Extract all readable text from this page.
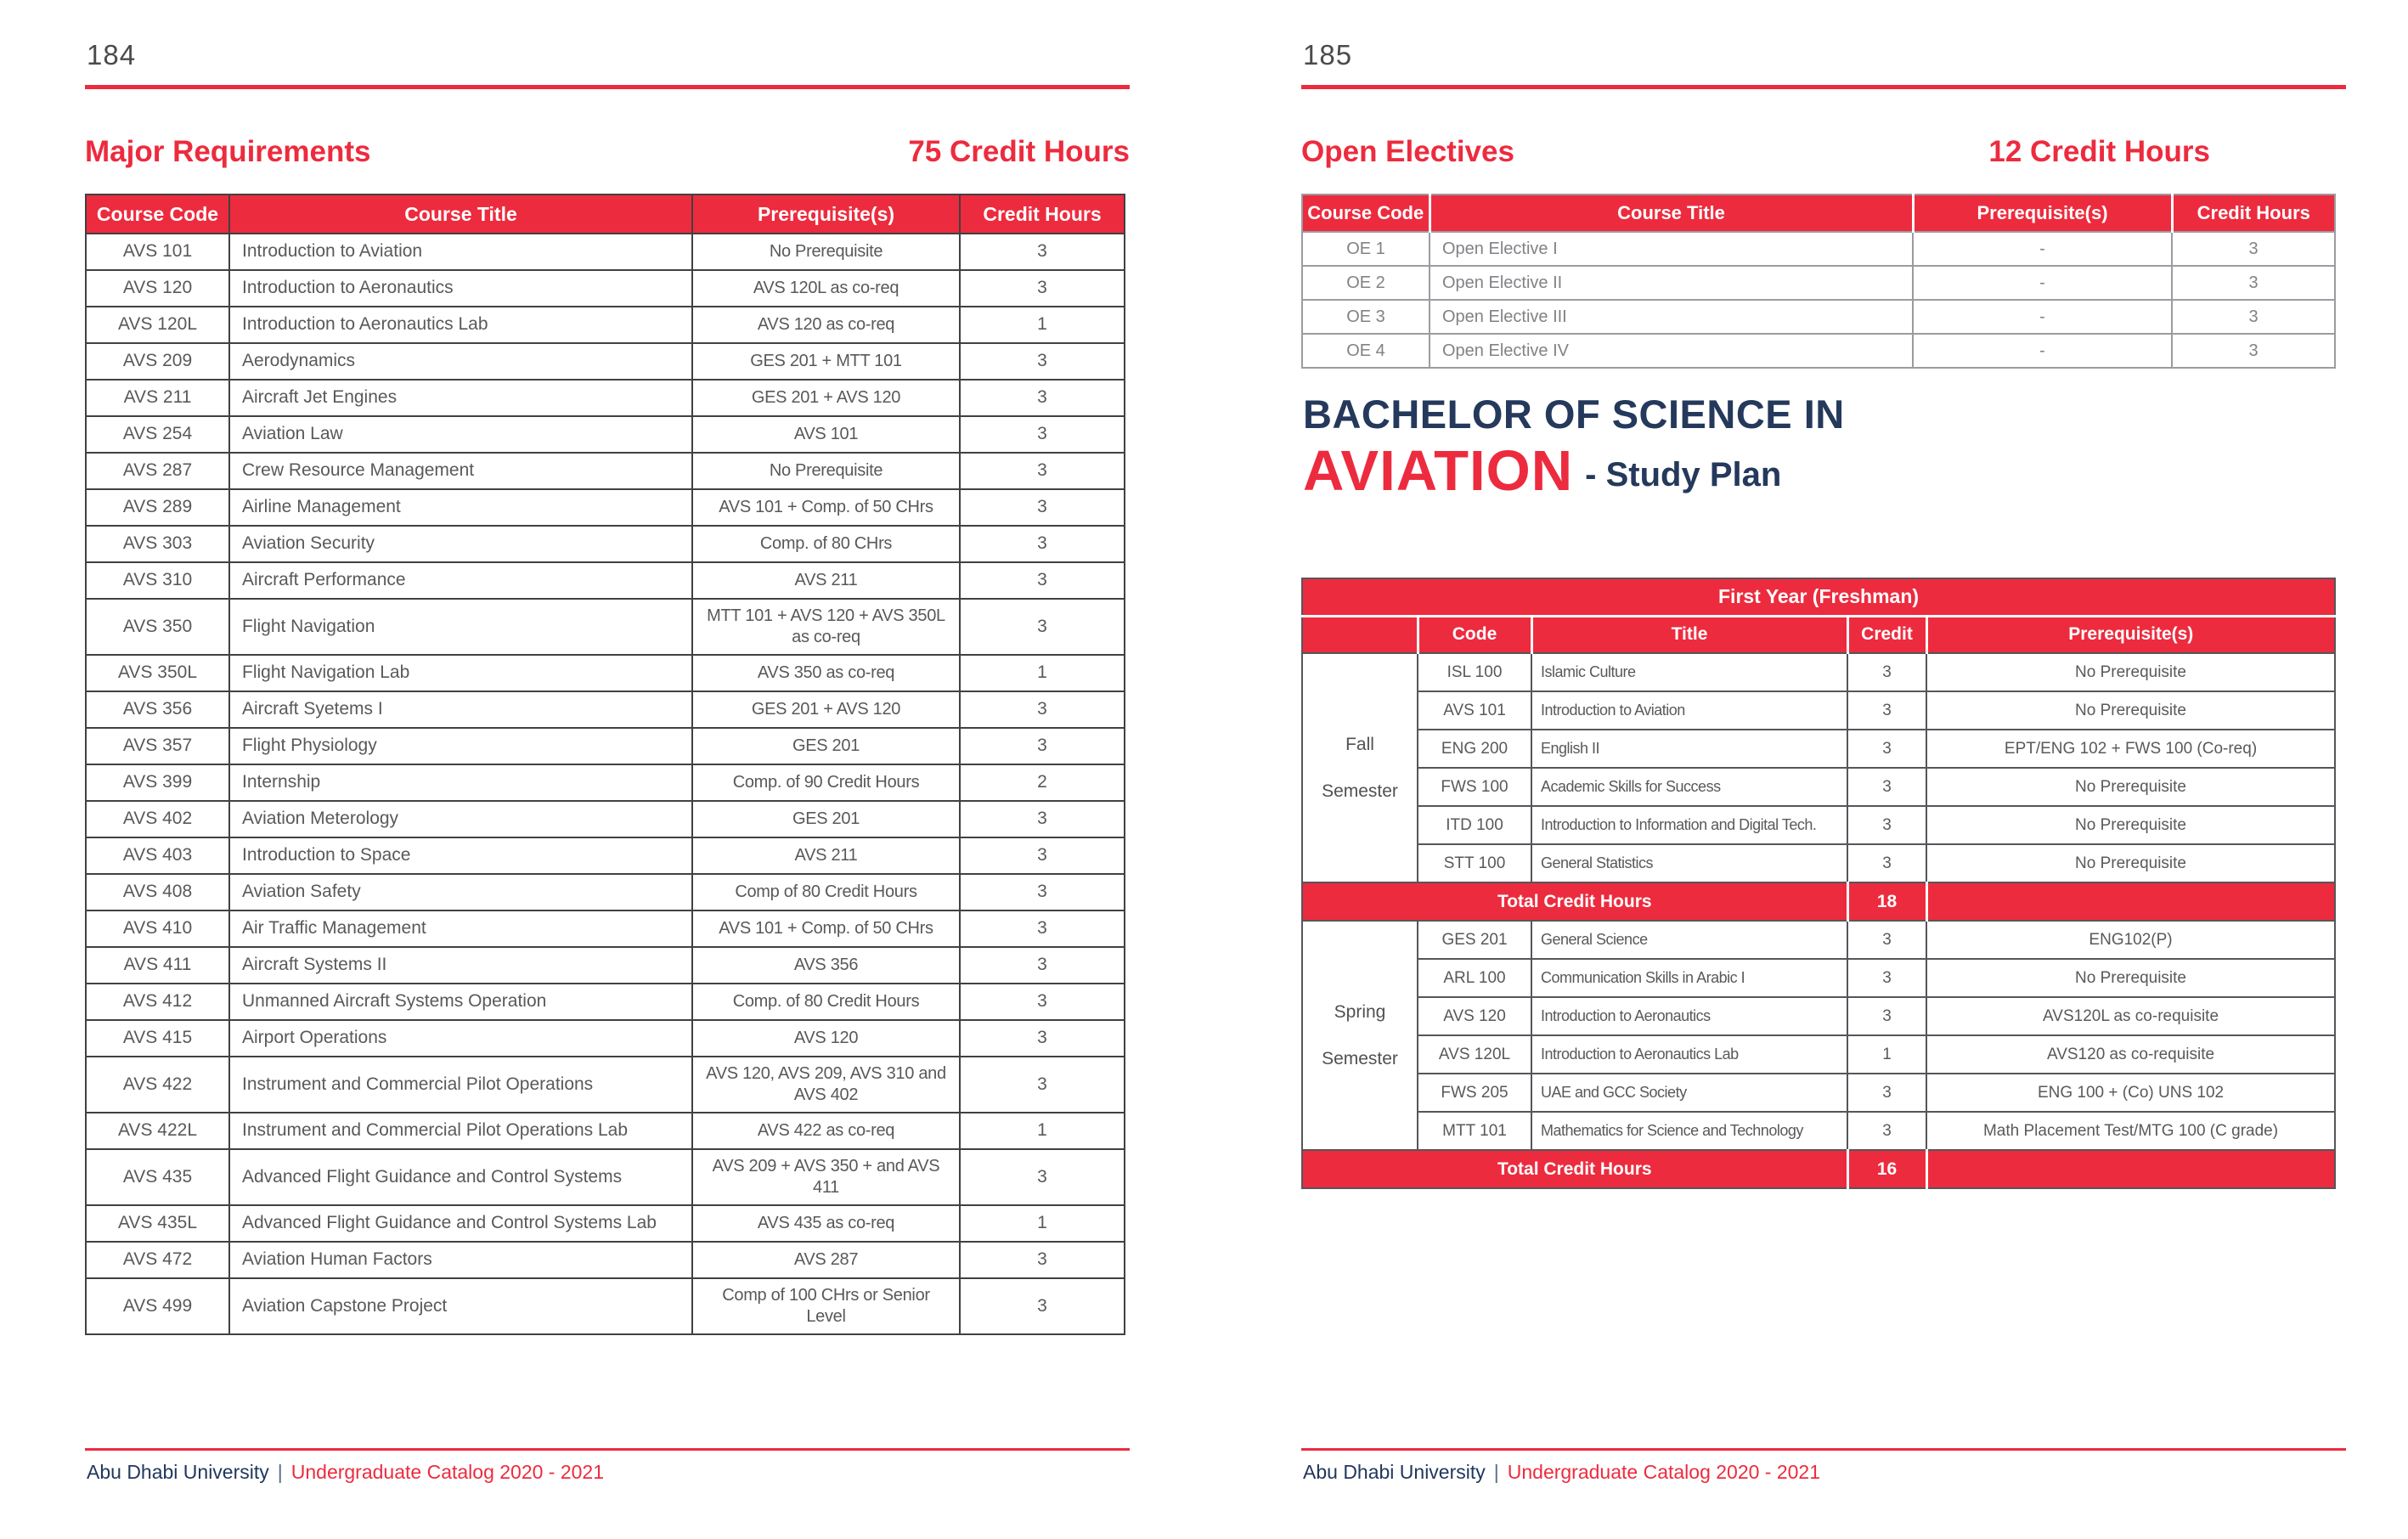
184
Major Requirements	75 Credit Hours
Course Code	Course Title	Prerequisite(s)	Credit Hours
AVS 101	Introduction to Aviation	No Prerequisite	3
AVS 120	Introduction to Aeronautics	AVS 120L as co-req	3
AVS 120L	Introduction to Aeronautics Lab	AVS 120 as co-req	1
AVS 209	Aerodynamics	GES 201 + MTT 101	3
AVS 211	Aircraft Jet Engines	GES 201 + AVS 120	3
AVS 254	Aviation Law	AVS 101	3
AVS 287	Crew Resource Management	No Prerequisite	3
AVS 289	Airline Management	AVS 101 + Comp. of 50 CHrs	3
AVS 303	Aviation Security	Comp. of 80 CHrs	3
AVS 310	Aircraft Performance	AVS 211	3
AVS 350	Flight Navigation	MTT 101 + AVS 120 + AVS 350L as co-req	3
AVS 350L	Flight Navigation Lab	AVS 350 as co-req	1
AVS 356	Aircraft Syetems I	GES 201 + AVS 120	3
AVS 357	Flight Physiology	GES 201	3
AVS 399	Internship	Comp. of 90 Credit Hours	2
AVS 402	Aviation Meterology	GES 201	3
AVS 403	Introduction to Space	AVS 211	3
AVS 408	Aviation Safety	Comp of 80 Credit Hours	3
AVS 410	Air Traffic Management	AVS 101 + Comp. of 50 CHrs	3
AVS 411	Aircraft Systems II	AVS 356	3
AVS 412	Unmanned Aircraft Systems Operation	Comp. of 80 Credit Hours	3
AVS 415	Airport Operations	AVS 120	3
AVS 422	Instrument and Commercial Pilot Operations	AVS 120, AVS 209, AVS 310 and AVS 402	3
AVS 422L	Instrument and Commercial Pilot Operations Lab	AVS 422 as co-req	1
AVS 435	Advanced Flight Guidance and Control Systems	AVS 209 + AVS 350 + and AVS 411	3
AVS 435L	Advanced Flight Guidance and Control Systems Lab	AVS 435 as co-req	1
AVS 472	Aviation Human Factors	AVS 287	3
AVS 499	Aviation Capstone Project	Comp of 100 CHrs or Senior Level	3
Abu Dhabi University | Undergraduate Catalog 2020 - 2021
185
Open Electives	12 Credit Hours
Course Code	Course Title	Prerequisite(s)	Credit Hours
OE 1	Open Elective I	-	3
OE 2	Open Elective II	-	3
OE 3	Open Elective III	-	3
OE 4	Open Elective IV	-	3
BACHELOR OF SCIENCE IN
AVIATION - Study Plan
First Year (Freshman)				
	Code	Title	Credit	Prerequisite(s)

Fall
Semester	ISL 100	Islamic Culture	3	No Prerequisite
	AVS 101	Introduction to Aviation	3	No Prerequisite
	ENG 200	English II	3	EPT/ENG 102 + FWS 100 (Co-req)
	FWS 100	Academic Skills for Success	3	No Prerequisite
	ITD 100	Introduction to Information and Digital Tech.	3	No Prerequisite
	STT 100	General Statistics	3	No Prerequisite
Total Credit Hours			18	

Spring
Semester	GES 201	General Science	3	ENG102(P)
	ARL 100	Communication Skills in Arabic I	3	No Prerequisite
	AVS 120	Introduction to Aeronautics	3	AVS120L as co-requisite
	AVS 120L	Introduction to Aeronautics Lab	1	AVS120 as co-requisite
	FWS 205	UAE and GCC Society	3	ENG 100 + (Co) UNS 102
	MTT 101	Mathematics for Science and Technology	3	Math Placement Test/MTG 100 (C grade)
Total Credit Hours			16	
Abu Dhabi University | Undergraduate Catalog 2020 - 2021
